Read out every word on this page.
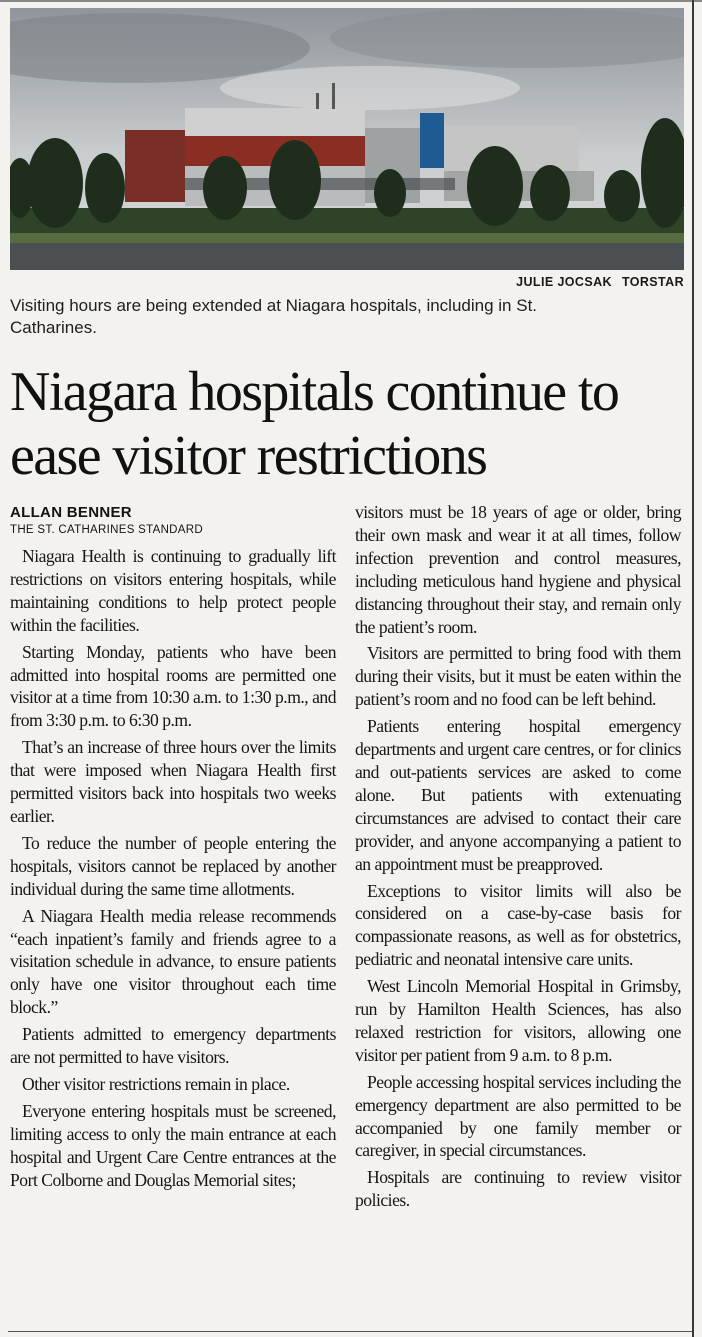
JULIE JOCSAK TORSTAR
Visiting hours are being extended at Niagara hospitals, including in St. Catharines.
Niagara hospitals continue to ease visitor restrictions
ALLAN BENNER
THE ST. CATHARINES STANDARD

Niagara Health is continuing to gradually lift restrictions on visitors entering hospitals, while maintaining conditions to help protect people within the facilities.

Starting Monday, patients who have been admitted into hospital rooms are permitted one visitor at a time from 10:30 a.m. to 1:30 p.m., and from 3:30 p.m. to 6:30 p.m.

That’s an increase of three hours over the limits that were imposed when Niagara Health first permitted visitors back into hospitals two weeks earlier.

To reduce the number of people entering the hospitals, visitors cannot be replaced by another individual during the same time allotments.

A Niagara Health media release recommends “each inpatient’s family and friends agree to a visitation schedule in advance, to ensure patients only have one visitor throughout each time block.”

Patients admitted to emergency departments are not permitted to have visitors.

Other visitor restrictions remain in place.

Everyone entering hospitals must be screened, limiting access to only the main entrance at each hospital and Urgent Care Centre entrances at the Port Colborne and Douglas Memorial sites;

visitors must be 18 years of age or older, bring their own mask and wear it at all times, follow infection prevention and control measures, including meticulous hand hygiene and physical distancing throughout their stay, and remain only the patient’s room.

Visitors are permitted to bring food with them during their visits, but it must be eaten within the patient’s room and no food can be left behind.

Patients entering hospital emergency departments and urgent care centres, or for clinics and out-patients services are asked to come alone. But patients with extenuating circumstances are advised to contact their care provider, and anyone accompanying a patient to an appointment must be preapproved.

Exceptions to visitor limits will also be considered on a case-by-case basis for compassionate reasons, as well as for obstetrics, pediatric and neonatal intensive care units.

West Lincoln Memorial Hospital in Grimsby, run by Hamilton Health Sciences, has also relaxed restriction for visitors, allowing one visitor per patient from 9 a.m. to 8 p.m.

People accessing hospital services including the emergency department are also permitted to be accompanied by one family member or caregiver, in special circumstances.

Hospitals are continuing to review visitor policies.
